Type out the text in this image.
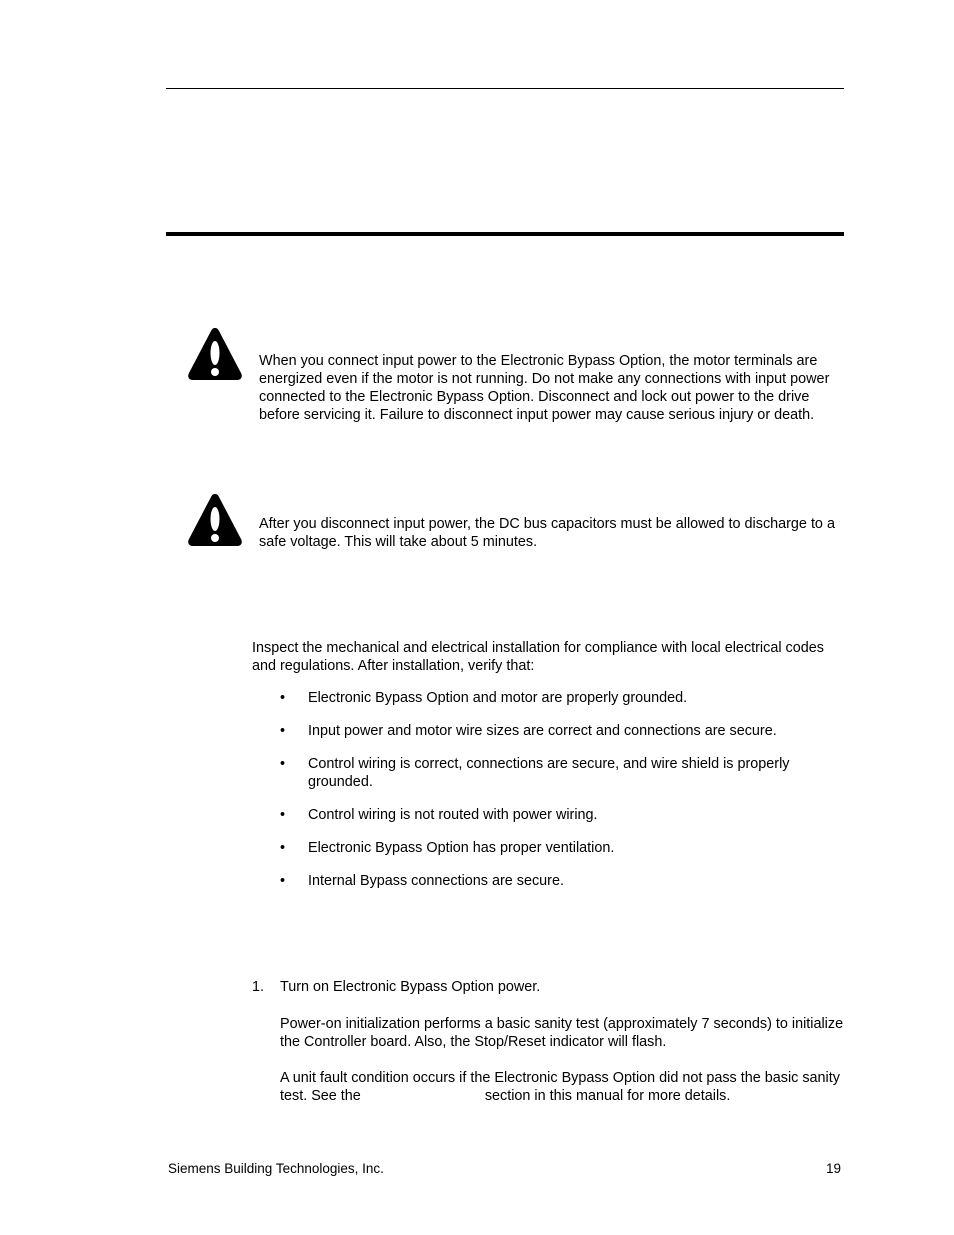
When you connect input power to the Electronic Bypass Option, the motor terminals are energized even if the motor is not running. Do not make any connections with input power connected to the Electronic Bypass Option. Disconnect and lock out power to the drive before servicing it. Failure to disconnect input power may cause serious injury or death.
After you disconnect input power, the DC bus capacitors must be allowed to discharge to a safe voltage. This will take about 5 minutes.
Inspect the mechanical and electrical installation for compliance with local electrical codes and regulations. After installation, verify that:
• Electronic Bypass Option and motor are properly grounded.
• Input power and motor wire sizes are correct and connections are secure.
• Control wiring is correct, connections are secure, and wire shield is properly grounded.
• Control wiring is not routed with power wiring.
• Electronic Bypass Option has proper ventilation.
• Internal Bypass connections are secure.
1. Turn on Electronic Bypass Option power.
Power-on initialization performs a basic sanity test (approximately 7 seconds) to initialize the Controller board. Also, the Stop/Reset indicator will flash.
A unit fault condition occurs if the Electronic Bypass Option did not pass the basic sanity test. See the	section in this manual for more details.
Siemens Building Technologies, Inc.	19
